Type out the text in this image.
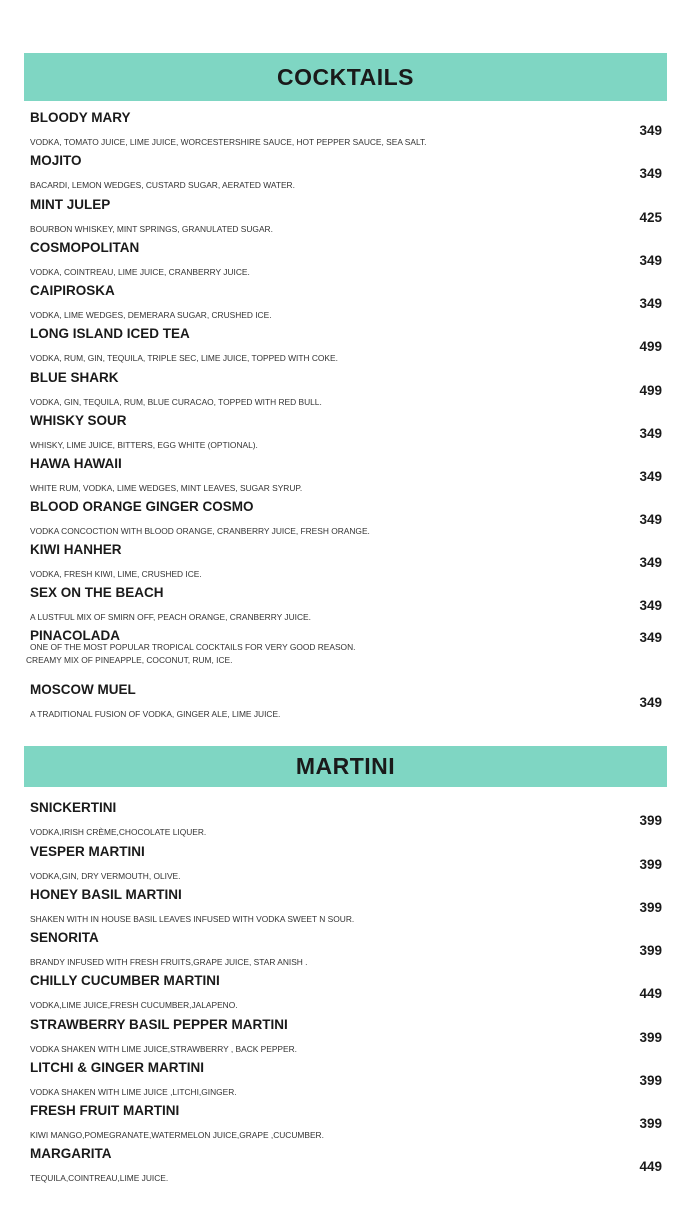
COCKTAILS
BLOODY MARY
VODKA, TOMATO JUICE, LIME JUICE, WORCESTERSHIRE SAUCE, HOT PEPPER SAUCE, SEA SALT.
349
MOJITO
BACARDI, LEMON WEDGES, CUSTARD SUGAR, AERATED WATER.
349
MINT JULEP
BOURBON WHISKEY, MINT SPRINGS, GRANULATED SUGAR.
425
COSMOPOLITAN
VODKA, COINTREAU, LIME JUICE, CRANBERRY JUICE.
349
CAIPIROSKA
VODKA, LIME WEDGES, DEMERARA SUGAR, CRUSHED ICE.
349
LONG ISLAND ICED TEA
VODKA, RUM, GIN, TEQUILA, TRIPLE SEC, LIME JUICE, TOPPED WITH COKE.
499
BLUE SHARK
VODKA, GIN, TEQUILA, RUM, BLUE CURACAO, TOPPED WITH RED BULL.
499
WHISKY SOUR
WHISKY, LIME JUICE, BITTERS, EGG WHITE (OPTIONAL).
349
HAWA HAWAII
WHITE RUM, VODKA, LIME WEDGES, MINT LEAVES, SUGAR SYRUP.
349
BLOOD ORANGE GINGER COSMO
VODKA CONCOCTION WITH BLOOD ORANGE, CRANBERRY JUICE, FRESH ORANGE.
349
KIWI HANHER
VODKA, FRESH KIWI, LIME, CRUSHED ICE.
349
SEX ON THE BEACH
A LUSTFUL MIX OF SMIRN OFF, PEACH ORANGE, CRANBERRY JUICE.
349
PINACOLADA
ONE OF THE MOST POPULAR TROPICAL COCKTAILS FOR VERY GOOD REASON.
CREAMY MIX OF PINEAPPLE, COCONUT, RUM, ICE.
349
MOSCOW MUEL
A TRADITIONAL FUSION OF VODKA, GINGER ALE, LIME JUICE.
349
MARTINI
SNICKERTINI
VODKA,IRISH CRÈME,CHOCOLATE LIQUER.
399
VESPER MARTINI
VODKA,GIN, DRY VERMOUTH, OLIVE.
399
HONEY BASIL MARTINI
SHAKEN WITH IN HOUSE BASIL LEAVES INFUSED WITH VODKA SWEET N SOUR.
399
SENORITA
BRANDY INFUSED WITH FRESH FRUITS,GRAPE JUICE, STAR ANISH .
399
CHILLY CUCUMBER MARTINI
VODKA,LIME JUICE,FRESH CUCUMBER,JALAPENO.
449
STRAWBERRY BASIL PEPPER MARTINI
VODKA SHAKEN WITH LIME JUICE,STRAWBERRY , BACK PEPPER.
399
LITCHI & GINGER MARTINI
VODKA SHAKEN WITH LIME JUICE ,LITCHI,GINGER.
399
FRESH FRUIT MARTINI
KIWI MANGO,POMEGRANATE,WATERMELON JUICE,GRAPE ,CUCUMBER.
399
MARGARITA
TEQUILA,COINTREAU,LIME JUICE.
449
